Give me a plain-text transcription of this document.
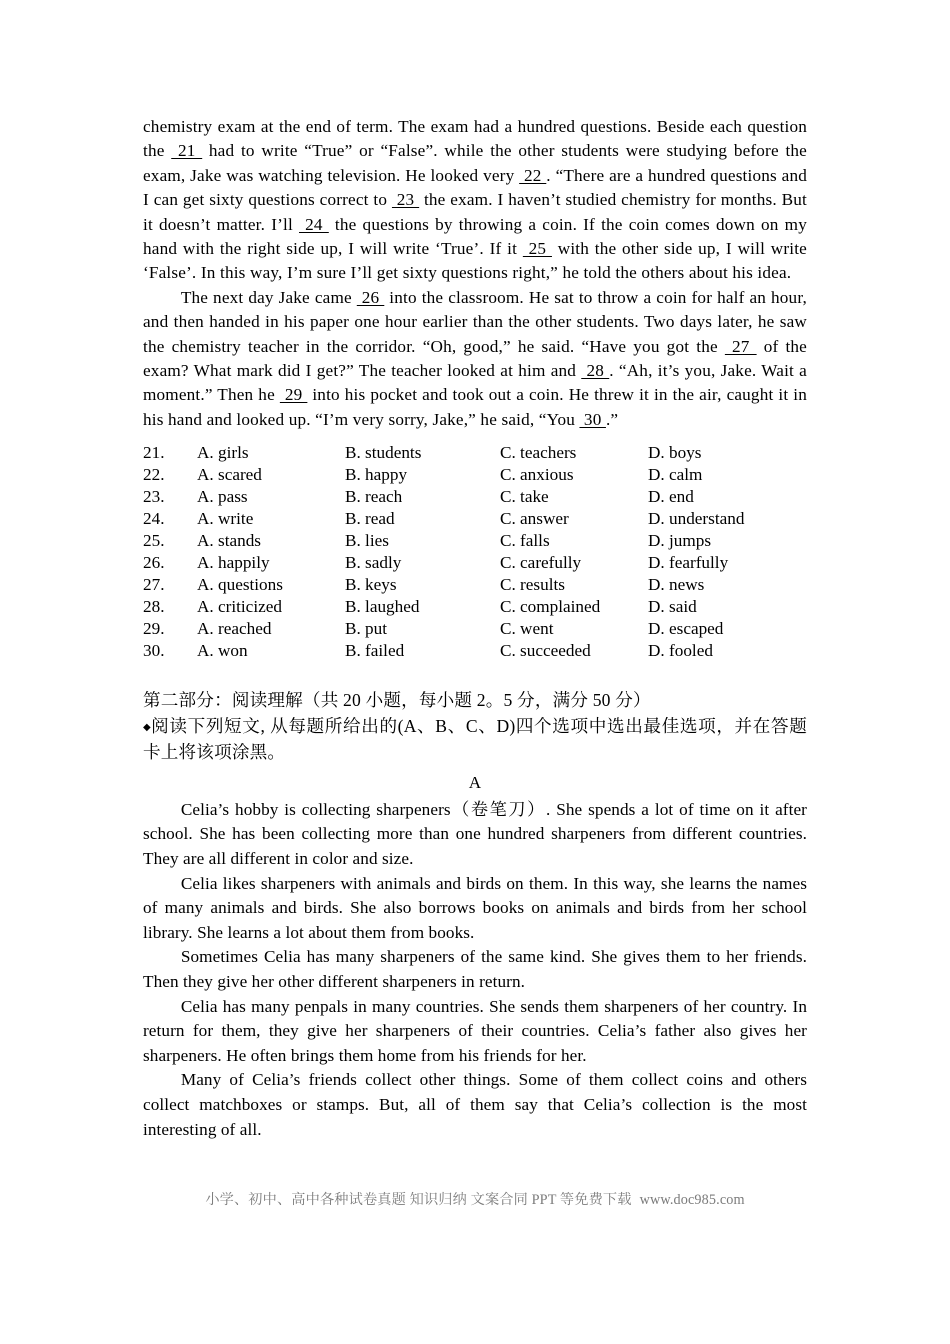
chemistry exam at the end of term. The exam had a hundred questions. Beside each question the  21  had to write “True” or “False”. while the other students were studying before the exam, Jake was watching television. He looked very  22 . “There are a hundred questions and I can get sixty questions correct to  23  the exam. I haven’t studied chemistry for months. But it doesn’t matter. I’ll  24  the questions by throwing a coin. If the coin comes down on my hand with the right side up, I will write ‘True’. If it  25  with the other side up, I will write ‘False’. In this way, I’m sure I’ll get sixty questions right,” he told the others about his idea.

The next day Jake came  26  into the classroom. He sat to throw a coin for half an hour, and then handed in his paper one hour earlier than the other students. Two days later, he saw the chemistry teacher in the corridor. “Oh, good,” he said. “Have you got the  27  of the exam? What mark did I get?” The teacher looked at him and  28 . “Ah, it’s you, Jake. Wait a moment.” Then he  29  into his pocket and took out a coin. He threw it in the air, caught it in his hand and looked up. “I’m very sorry, Jake,” he said, “You  30 .”

21.	A. girls	B. students	C. teachers	D. boys
22.	A. scared	B. happy	C. anxious	D. calm
23.	A. pass	B. reach	C. take	D. end
24.	A. write	B. read	C. answer	D. understand
25.	A. stands	B. lies	C. falls	D. jumps
26.	A. happily	B. sadly	C. carefully	D. fearfully
27.	A. questions	B. keys	C. results	D. news
28.	A. criticized	B. laughed	C. complained	D. said
29.	A. reached	B. put	C. went	D. escaped
30.	A. won	B. failed	C. succeeded	D. fooled

第二部分：阅读理解（共 20 小题，每小题 2。5 分，满分 50 分）

◆阅读下列短文, 从每题所给出的(A、B、C、D)四个选项中选出最佳选项，并在答题卡上将该项涂黑。

A

Celia’s hobby is collecting sharpeners（卷笔刀）. She spends a lot of time on it after school. She has been collecting more than one hundred sharpeners from different countries. They are all different in color and size.

Celia likes sharpeners with animals and birds on them. In this way, she learns the names of many animals and birds. She also borrows books on animals and birds from her school library. She learns a lot about them from books.

Sometimes Celia has many sharpeners of the same kind. She gives them to her friends. Then they give her other different sharpeners in return.

Celia has many penpals in many countries. She sends them sharpeners of her country. In return for them, they give her sharpeners of their countries. Celia’s father also gives her sharpeners. He often brings them home from his friends for her.

Many of Celia’s friends collect other things. Some of them collect coins and others collect matchboxes or stamps. But, all of them say that Celia’s collection is the most interesting of all.

小学、初中、高中各种试卷真题 知识归纳 文案合同 PPT 等免费下载 www.doc985.com
